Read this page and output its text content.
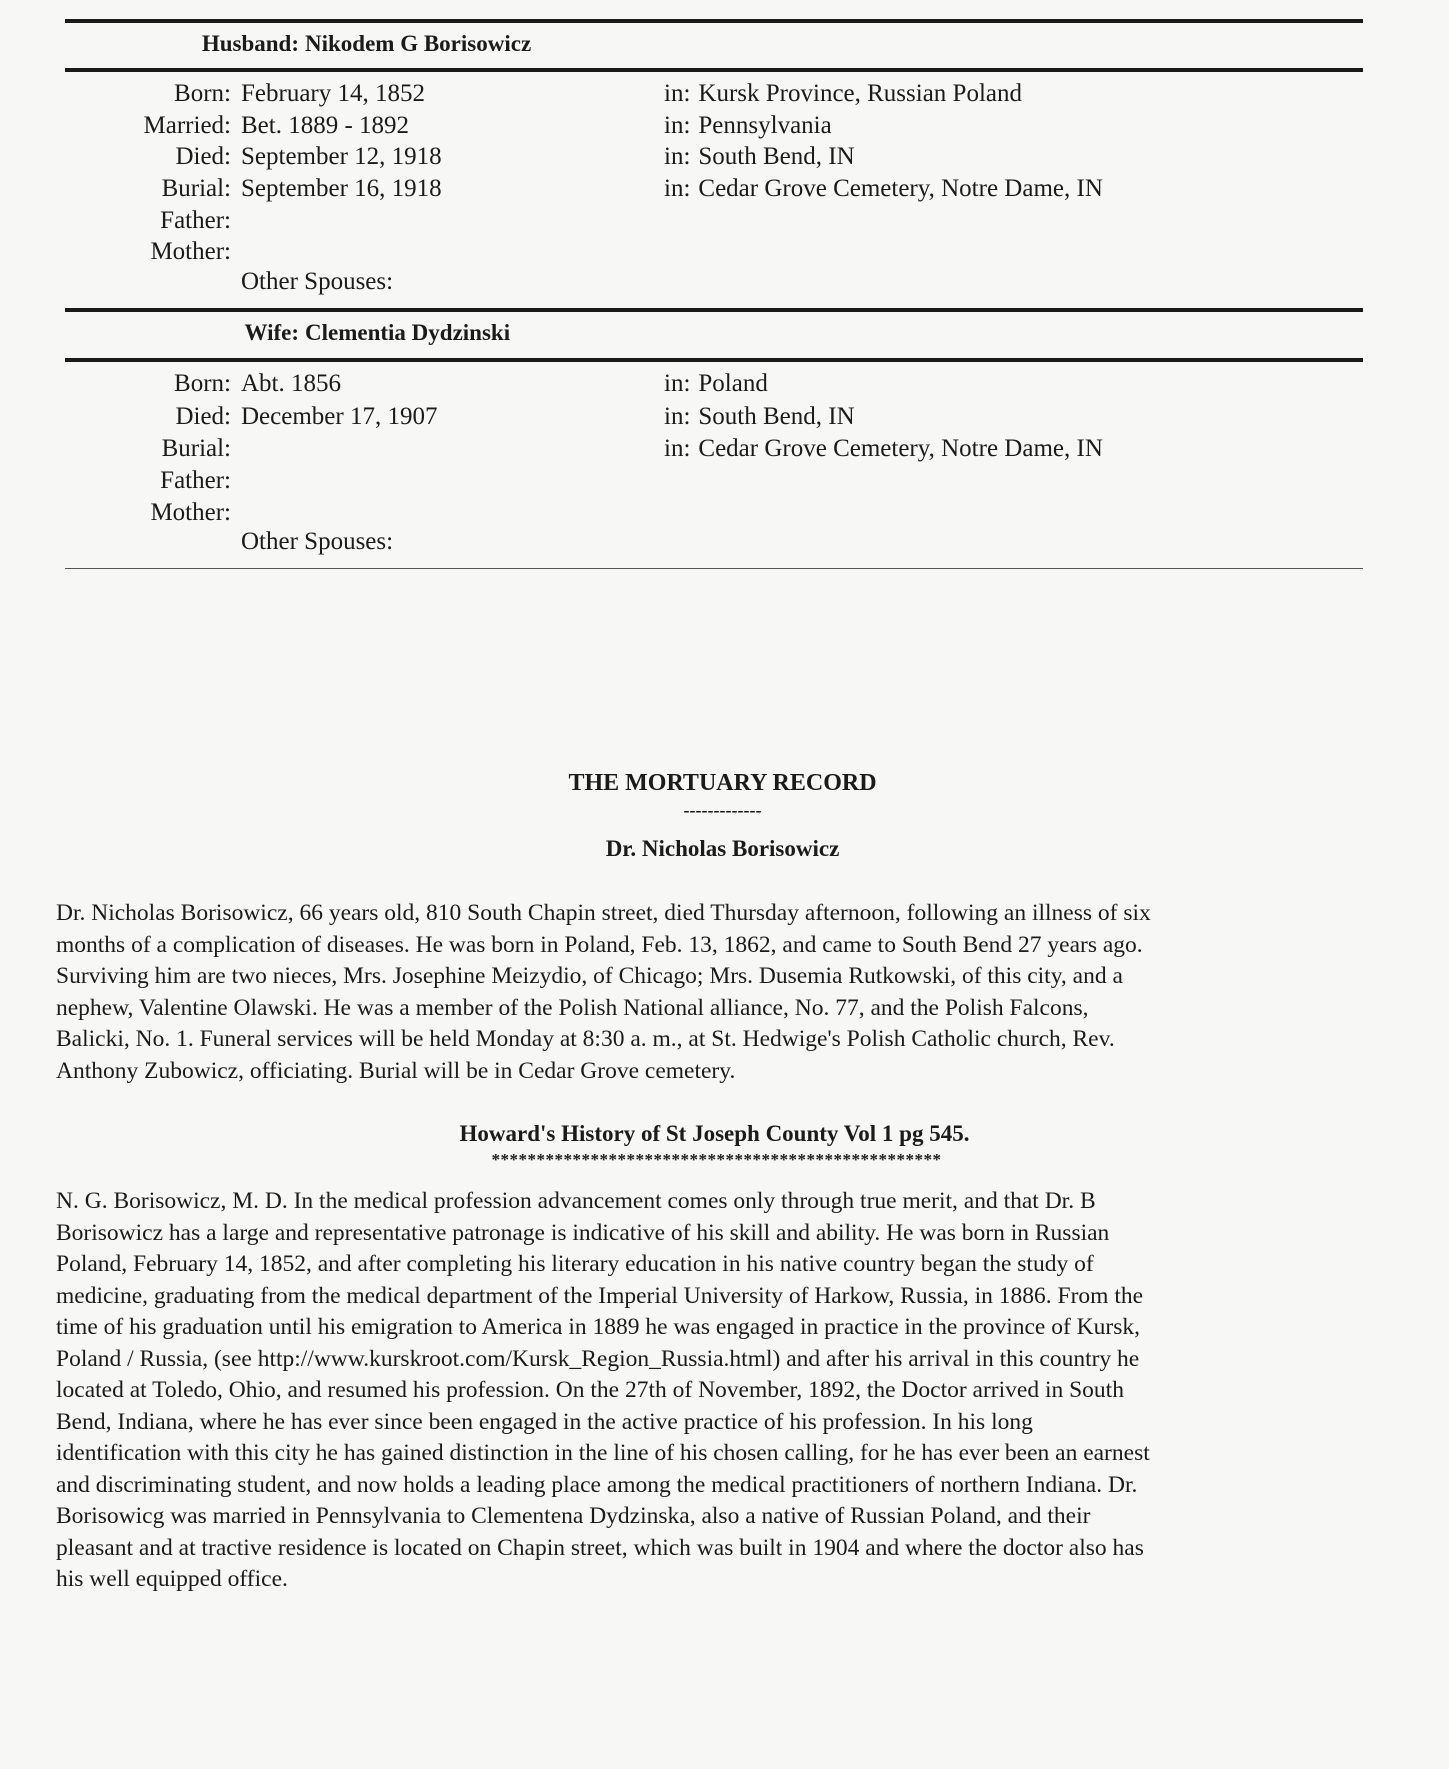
Husband: Nikodem G Borisowicz
Born: February 14, 1852	in: Kursk Province, Russian Poland
Married: Bet. 1889 - 1892	in: Pennsylvania
Died: September 12, 1918	in: South Bend, IN
Burial: September 16, 1918	in: Cedar Grove Cemetery, Notre Dame, IN
Father:
Mother:
Other Spouses:
Wife: Clementia Dydzinski
Born: Abt. 1856	in: Poland
Died: December 17, 1907	in: South Bend, IN
Burial:	in: Cedar Grove Cemetery, Notre Dame, IN
Father:
Mother:
Other Spouses:
THE MORTUARY RECORD
-------------
Dr. Nicholas Borisowicz

Dr. Nicholas Borisowicz, 66 years old, 810 South Chapin street, died Thursday afternoon, following an illness of six

months of a complication of diseases. He was born in Poland, Feb. 13, 1862, and came to South Bend 27 years ago.

Surviving him are two nieces, Mrs. Josephine Meizydio, of Chicago; Mrs. Dusemia Rutkowski, of this city, and a

nephew, Valentine Olawski. He was a member of the Polish National alliance, No. 77, and the Polish Falcons,

Balicki, No. 1. Funeral services will be held Monday at 8:30 a. m., at St. Hedwige's Polish Catholic church, Rev.

Anthony Zubowicz, officiating. Burial will be in Cedar Grove cemetery.

Howard's History of St Joseph County Vol 1 pg 545.
**************************************************

N. G. Borisowicz, M. D. In the medical profession advancement comes only through true merit, and that Dr. B

Borisowicz has a large and representative patronage is indicative of his skill and ability. He was born in Russian

Poland, February 14, 1852, and after completing his literary education in his native country began the study of

medicine, graduating from the medical department of the Imperial University of Harkow, Russia, in 1886. From the

time of his graduation until his emigration to America in 1889 he was engaged in practice in the province of Kursk,

Poland / Russia, (see http://www.kurskroot.com/Kursk_Region_Russia.html) and after his arrival in this country he

located at Toledo, Ohio, and resumed his profession. On the 27th of November, 1892, the Doctor arrived in South

Bend, Indiana, where he has ever since been engaged in the active practice of his profession. In his long

identification with this city he has gained distinction in the line of his chosen calling, for he has ever been an earnest

and discriminating student, and now holds a leading place among the medical practitioners of northern Indiana. Dr.

Borisowicg was married in Pennsylvania to Clementena Dydzinska, also a native of Russian Poland, and their

pleasant and at tractive residence is located on Chapin street, which was built in 1904 and where the doctor also has

his well equipped office.
